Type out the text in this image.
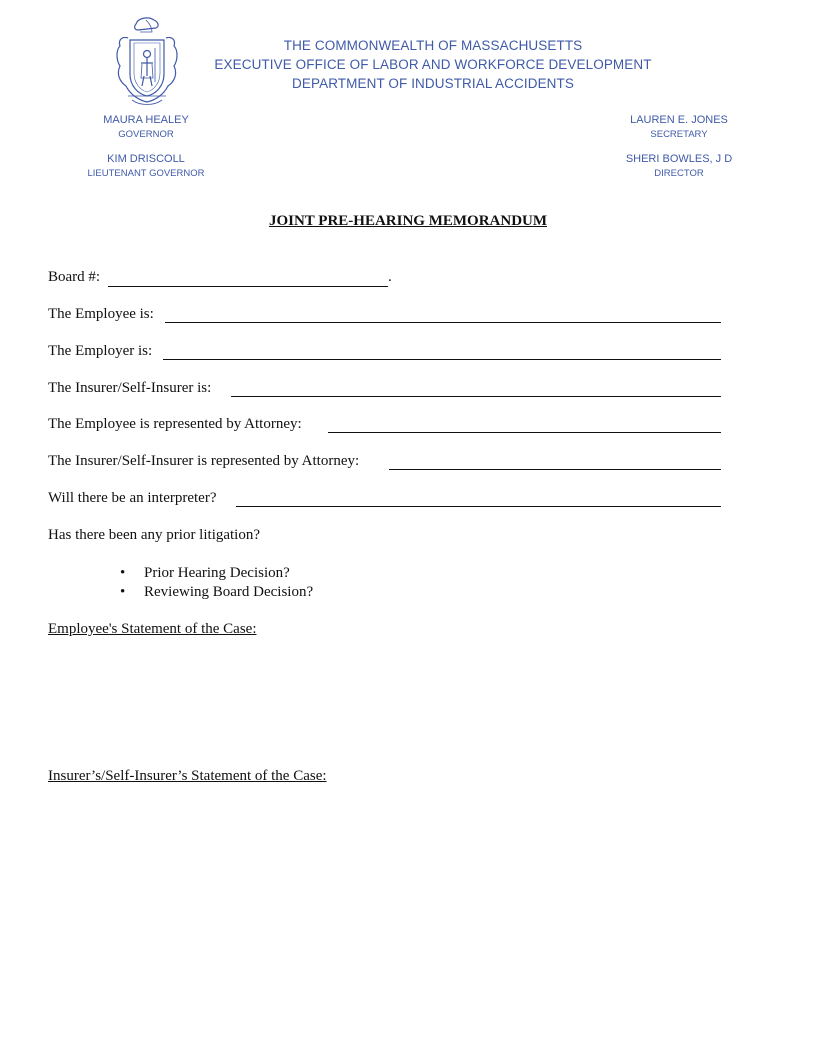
THE COMMONWEALTH OF MASSACHUSETTS
EXECUTIVE OFFICE OF LABOR AND WORKFORCE DEVELOPMENT
DEPARTMENT OF INDUSTRIAL ACCIDENTS
MAURA HEALEY
GOVERNOR
KIM DRISCOLL
LIEUTENANT GOVERNOR
LAUREN E. JONES
SECRETARY
SHERI BOWLES, J D
DIRECTOR
JOINT PRE-HEARING MEMORANDUM
Board #:	.
The Employee is:
The Employer is:
The Insurer/Self-Insurer is:
The Employee is represented by Attorney:
The Insurer/Self-Insurer is represented by Attorney:
Will there be an interpreter?
Has there been any prior litigation?
• Prior Hearing Decision?
• Reviewing Board Decision?
Employee's Statement of the Case:
Insurer’s/Self-Insurer’s Statement of the Case:
